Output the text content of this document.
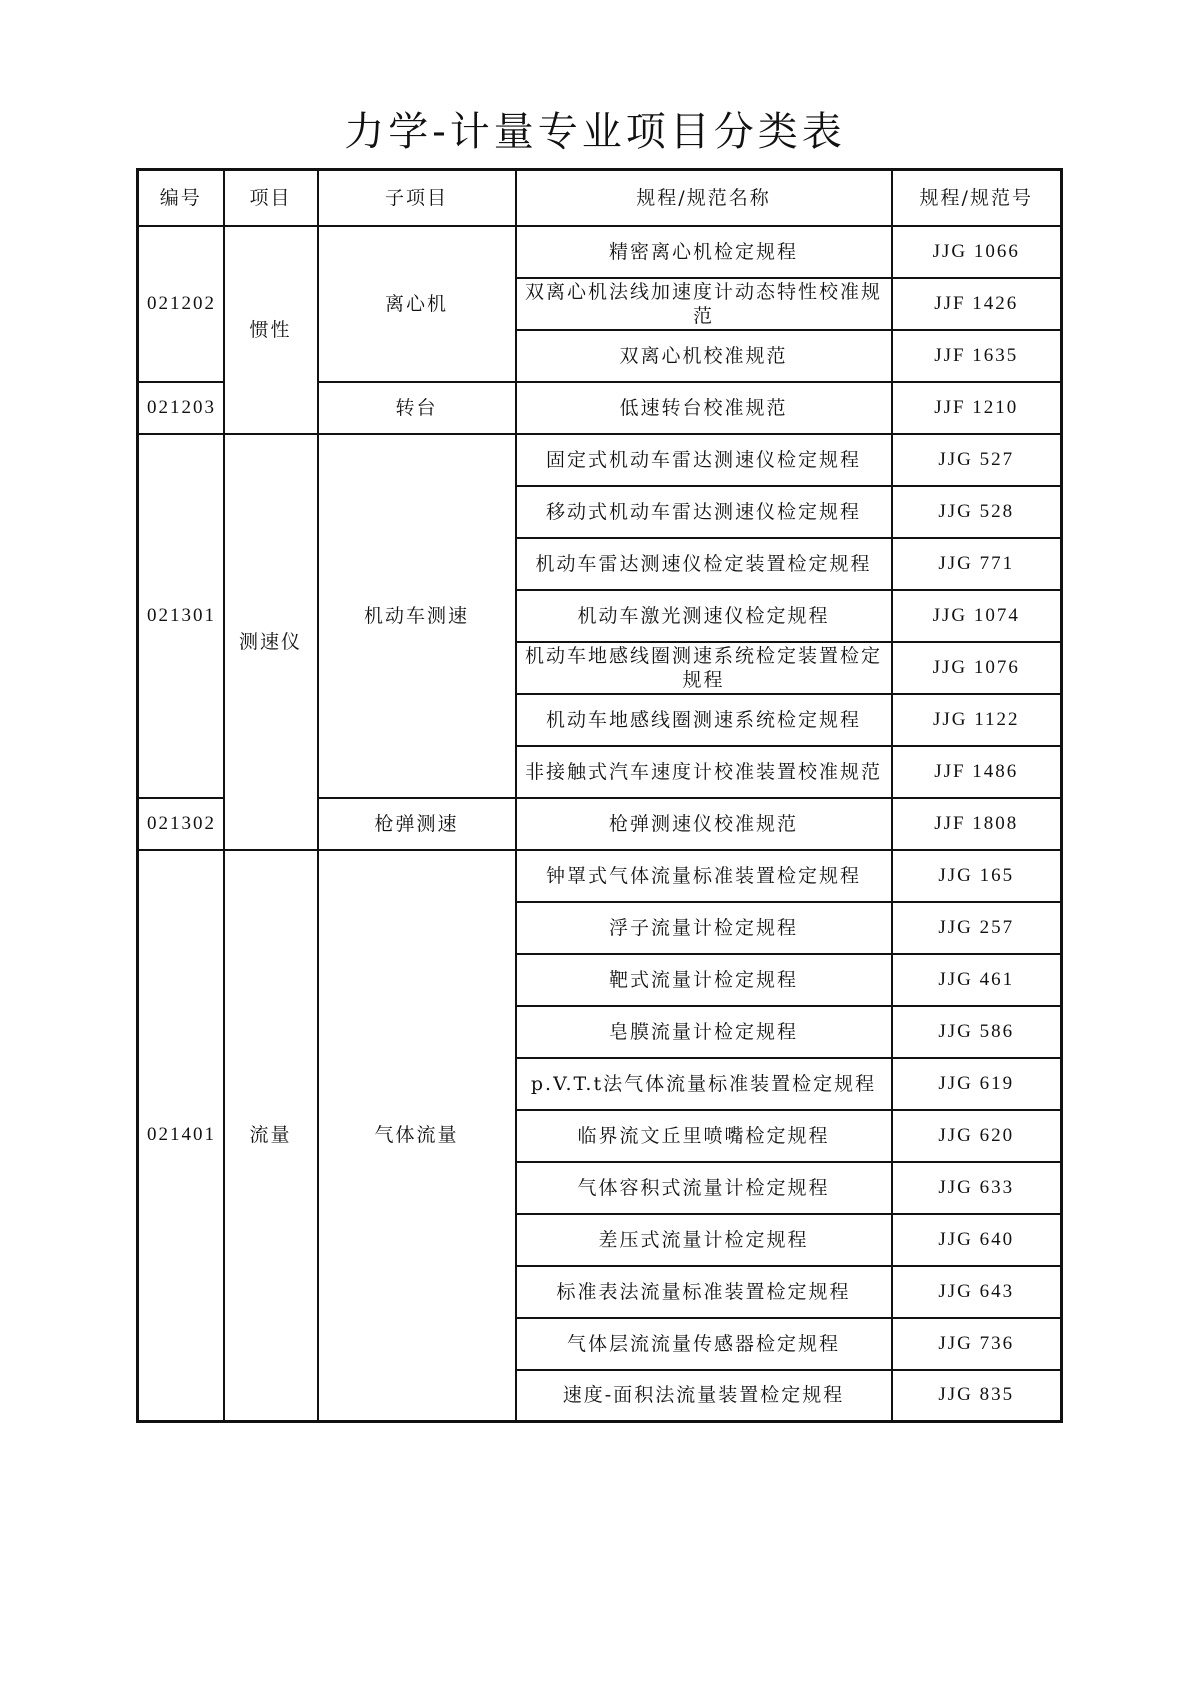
力学-计量专业项目分类表
编号	项目	子项目	规程/规范名称	规程/规范号
021202	惯性	离心机	精密离心机检定规程	JJG 1066
			双离心机法线加速度计动态特性校准规范	JJF 1426
			双离心机校准规范	JJF 1635
021203		转台	低速转台校准规范	JJF 1210
021301	测速仪	机动车测速	固定式机动车雷达测速仪检定规程	JJG 527
			移动式机动车雷达测速仪检定规程	JJG 528
			机动车雷达测速仪检定装置检定规程	JJG 771
			机动车激光测速仪检定规程	JJG 1074
			机动车地感线圈测速系统检定装置检定规程	JJG 1076
			机动车地感线圈测速系统检定规程	JJG 1122
			非接触式汽车速度计校准装置校准规范	JJF 1486
021302		枪弹测速	枪弹测速仪校准规范	JJF 1808
021401	流量	气体流量	钟罩式气体流量标准装置检定规程	JJG 165
			浮子流量计检定规程	JJG 257
			靶式流量计检定规程	JJG 461
			皂膜流量计检定规程	JJG 586
			p.V.T.t法气体流量标准装置检定规程	JJG 619
			临界流文丘里喷嘴检定规程	JJG 620
			气体容积式流量计检定规程	JJG 633
			差压式流量计检定规程	JJG 640
			标准表法流量标准装置检定规程	JJG 643
			气体层流流量传感器检定规程	JJG 736
			速度-面积法流量装置检定规程	JJG 835
